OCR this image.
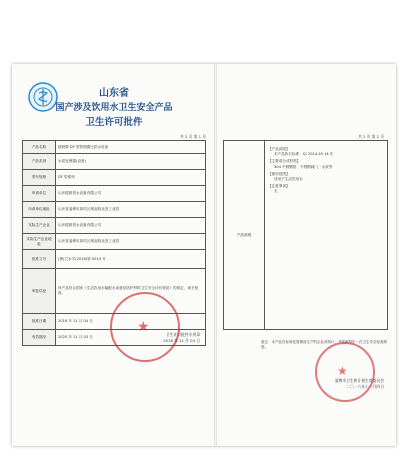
山东省
国产涉及饮用水卫生安全产品
卫生许可批件
共 2 页 第 1 页
产品名称	德晨牌 DF 型管网叠压供水设备
产品类别	水质处理器(设备)
型号规格	DF 型系列
申请单位	山东德晨供水设备有限公司
申请单位地址	山东省淄博市周村区城北路北首工业园
实际生产企业	山东德晨供水设备有限公司
实际生产企业地址	山东省淄博市周村区城北路北首工业园
批准文号	(鲁)卫水字(2016)第 0014 号
审批结论	该产品符合国家《生活饮用水输配水设备及防护材料卫生安全评价规范》的规定，现予批准。
批准日期	2016 年 11 月 04 日
有效期至	2020 年 11 月 03 日
★	卫生许可批件专用章
2016 年 11 月 04 日
共 2 页 第 2 页
产品说明
【产品说明】
本产品执行标准：Q/ 2014-20 14 年
【主要成分或材料】
304 不锈钢管、不锈钢阀门、水泵等
【使用范围】
适用于生活饮用水
【注意事项】
无
备注：本产品在标准化管理前生产的企业须执行，并按照每年一次卫生安全检查制度。
★
淄博市卫生和计划生育委员会
二〇一六年十一月四日
